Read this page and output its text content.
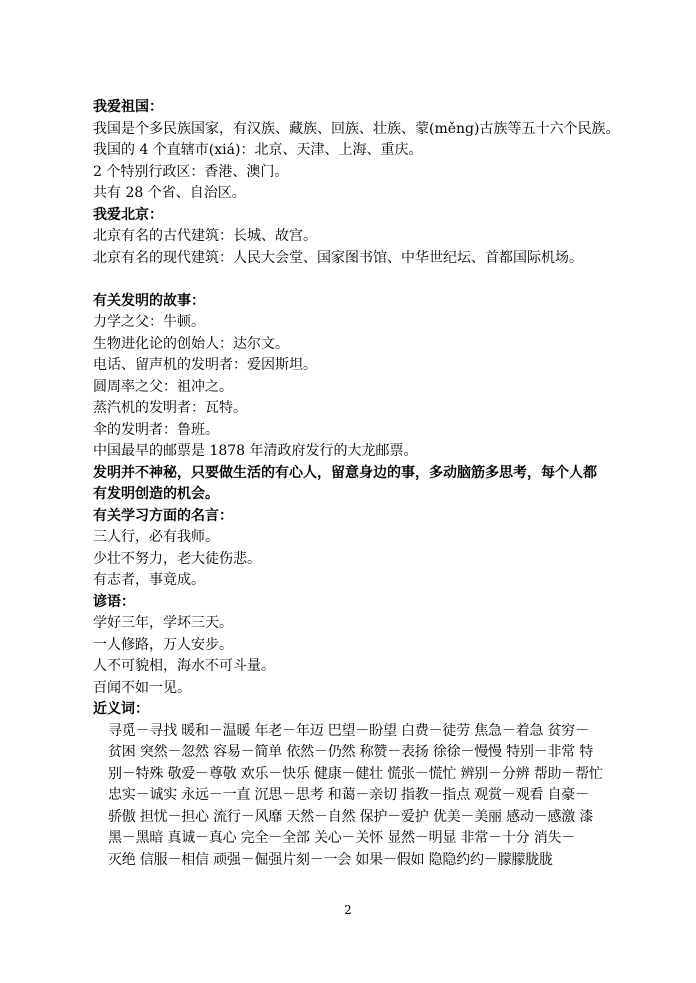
我爱祖国：
我国是个多民族国家，有汉族、藏族、回族、壮族、蒙(měng)古族等五十六个民族。
我国的 4 个直辖市(xiá)：北京、天津、上海、重庆。
2 个特别行政区：香港、澳门。
共有 28 个省、自治区。
我爱北京：
北京有名的古代建筑：长城、故宫。
北京有名的现代建筑：人民大会堂、国家图书馆、中华世纪坛、首都国际机场。
有关发明的故事：
力学之父：牛顿。
生物进化论的创始人：达尔文。
电话、留声机的发明者：爱因斯坦。
圆周率之父：祖冲之。
蒸汽机的发明者：瓦特。
伞的发明者：鲁班。
中国最早的邮票是 1878 年清政府发行的大龙邮票。
发明并不神秘，只要做生活的有心人，留意身边的事，多动脑筋多思考，每个人都
有发明创造的机会。
有关学习方面的名言：
三人行，必有我师。
少壮不努力，老大徒伤悲。
有志者，事竟成。
谚语：
学好三年，学坏三天。
一人修路，万人安步。
人不可貌相，海水不可斗量。
百闻不如一见。
近义词：
寻觅－寻找 暖和－温暖 年老－年迈 巴望－盼望 白费－徒劳 焦急－着急 贫穷－
贫困 突然－忽然 容易－简单 依然－仍然 称赞－表扬 徐徐－慢慢 特别－非常 特
别－特殊 敬爱－尊敬 欢乐－快乐 健康－健壮 慌张－慌忙 辨别－分辨 帮助－帮忙
忠实－诚实 永远－一直 沉思－思考 和蔼－亲切 指教－指点 观赏－观看 自豪－
骄傲 担忧－担心 流行－风靡 天然－自然 保护－爱护 优美－美丽 感动－感激 漆
黑－黑暗 真诚－真心 完全－全部 关心－关怀 显然－明显 非常－十分 消失－
灭绝 信服－相信 顽强－倔强片刻－一会 如果－假如 隐隐约约－朦朦胧胧
2
